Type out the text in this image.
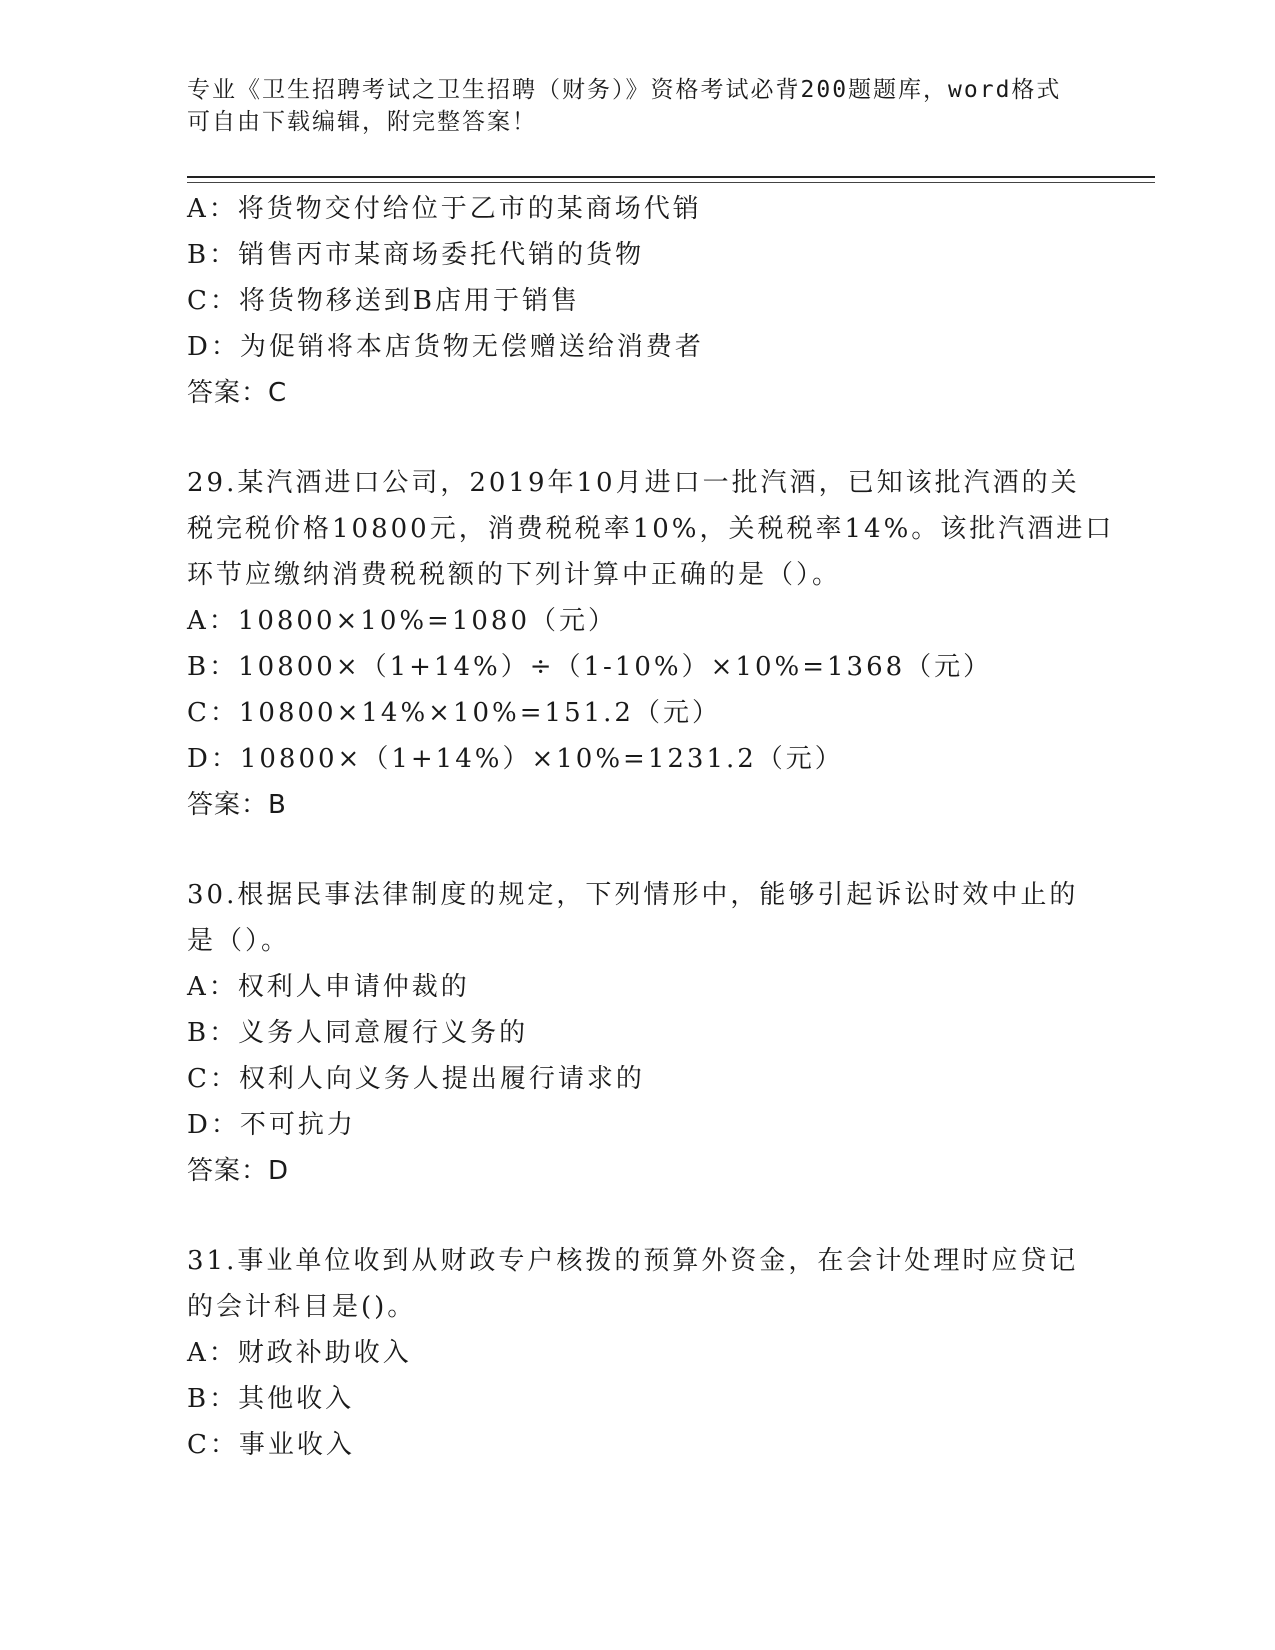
专业《卫生招聘考试之卫生招聘（财务）》资格考试必背200题题库，word格式
可自由下载编辑，附完整答案！
A：将货物交付给位于乙市的某商场代销
B：销售丙市某商场委托代销的货物
C：将货物移送到B店用于销售
D：为促销将本店货物无偿赠送给消费者
答案：C
29.某汽酒进口公司，2019年10月进口一批汽酒，已知该批汽酒的关
税完税价格10800元，消费税税率10%，关税税率14%。该批汽酒进口
环节应缴纳消费税税额的下列计算中正确的是（）。
A：10800×10%=1080（元）
B：10800×（1+14%）÷（1-10%）×10%=1368（元）
C：10800×14%×10%=151.2（元）
D：10800×（1+14%）×10%=1231.2（元）
答案：B
30.根据民事法律制度的规定，下列情形中，能够引起诉讼时效中止的
是（）。
A：权利人申请仲裁的
B：义务人同意履行义务的
C：权利人向义务人提出履行请求的
D：不可抗力
答案：D
31.事业单位收到从财政专户核拨的预算外资金，在会计处理时应贷记
的会计科目是()。
A：财政补助收入
B：其他收入
C：事业收入
